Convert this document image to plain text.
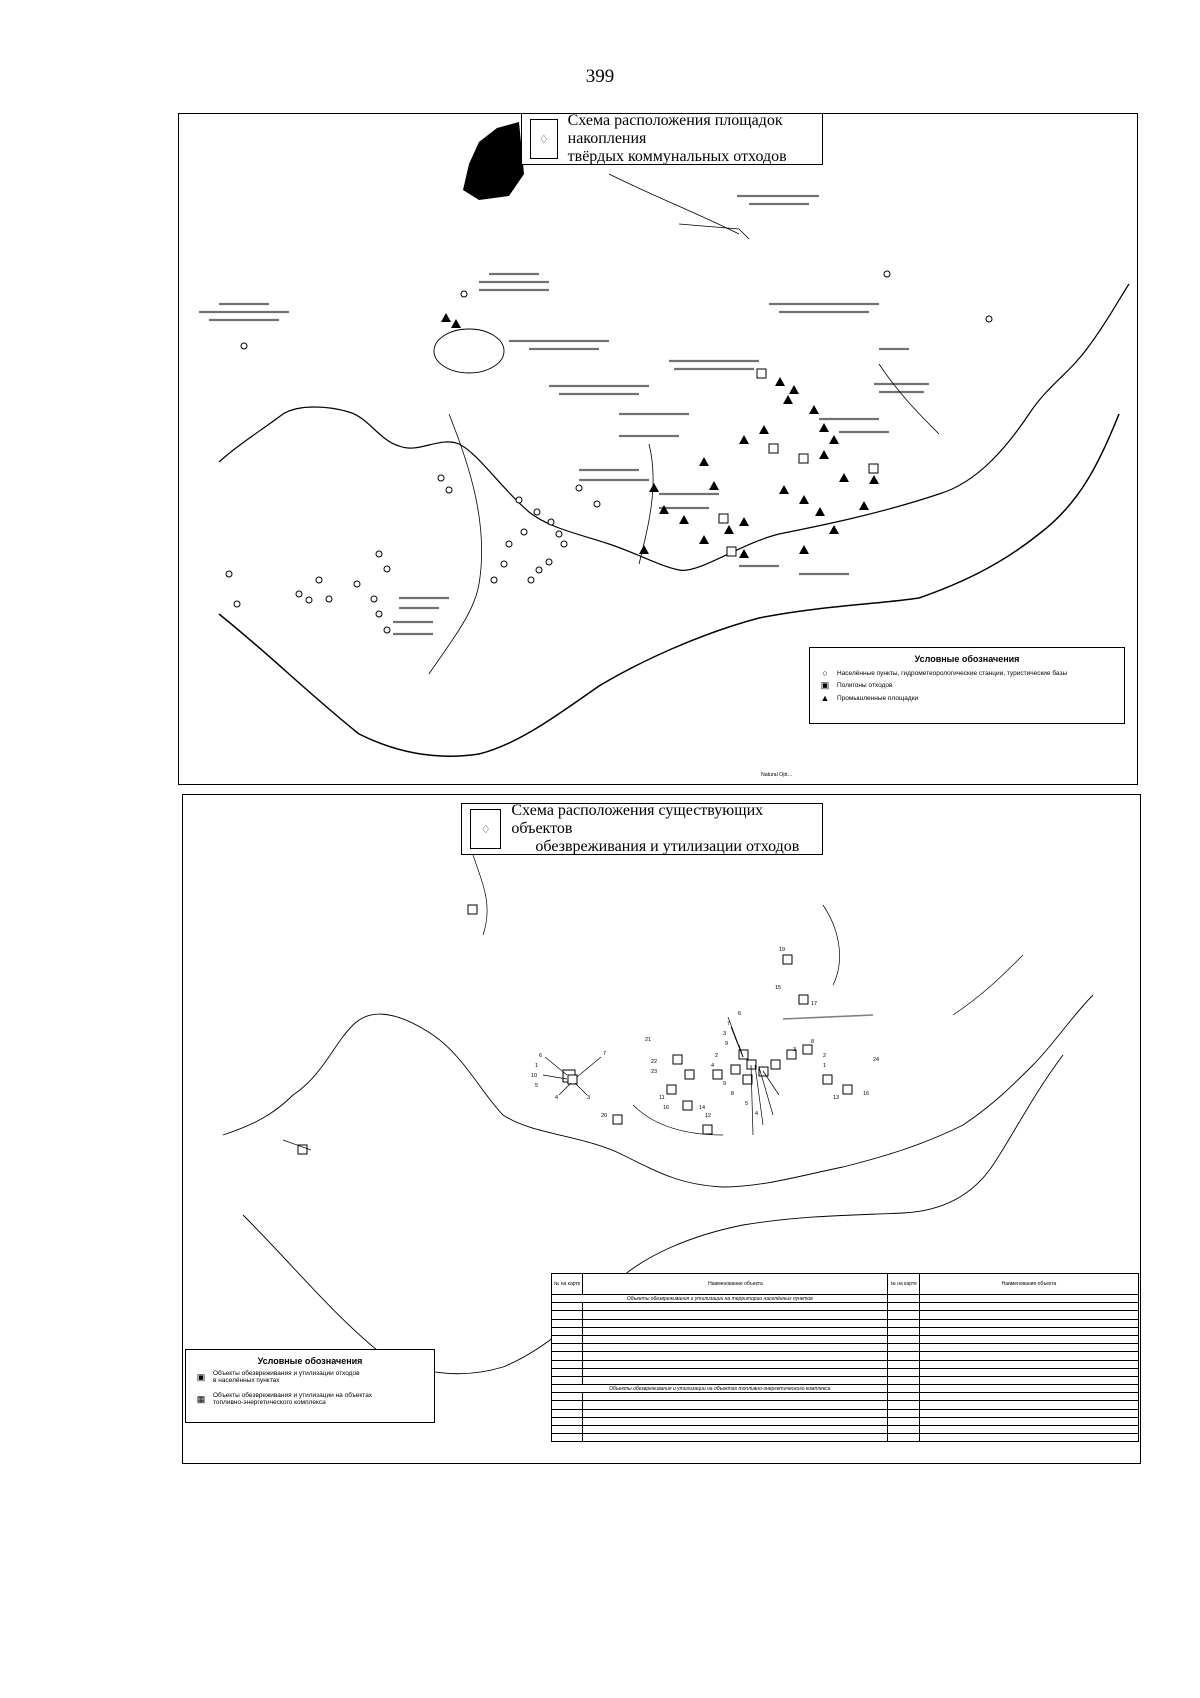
399
♢
Схема расположения площадок накопления
твёрдых коммунальных отходов
Условные обозначения
○	Населённые пункты, гидрометеорологические станции, туристические базы
▣	Полигоны отходов
▲	Промышленные площадки
Natural Opt…
19
15
17
6
7
3
9
2
4
2
1
3
8
6
1
10
5
4	3
7
21
22
23
11
16	14
12
20
24
16
13
9
8
5
4
♢
Схема расположения существующих объектов
обезвреживания и утилизации отходов
Условные обозначения
▣	Объекты обезвреживания и утилизации отходов
в населённых пунктах
▦	Объекты обезвреживания и утилизации на объектах
топливно-энергетического комплекса
№ на карте	Наименование объекта	№ на карте	Наименование объекта
Объекты обезвреживания и утилизации на территории населённых пунктов			

Объекты обезвреживания и утилизации на объектах топливно-энергетического комплекса			
